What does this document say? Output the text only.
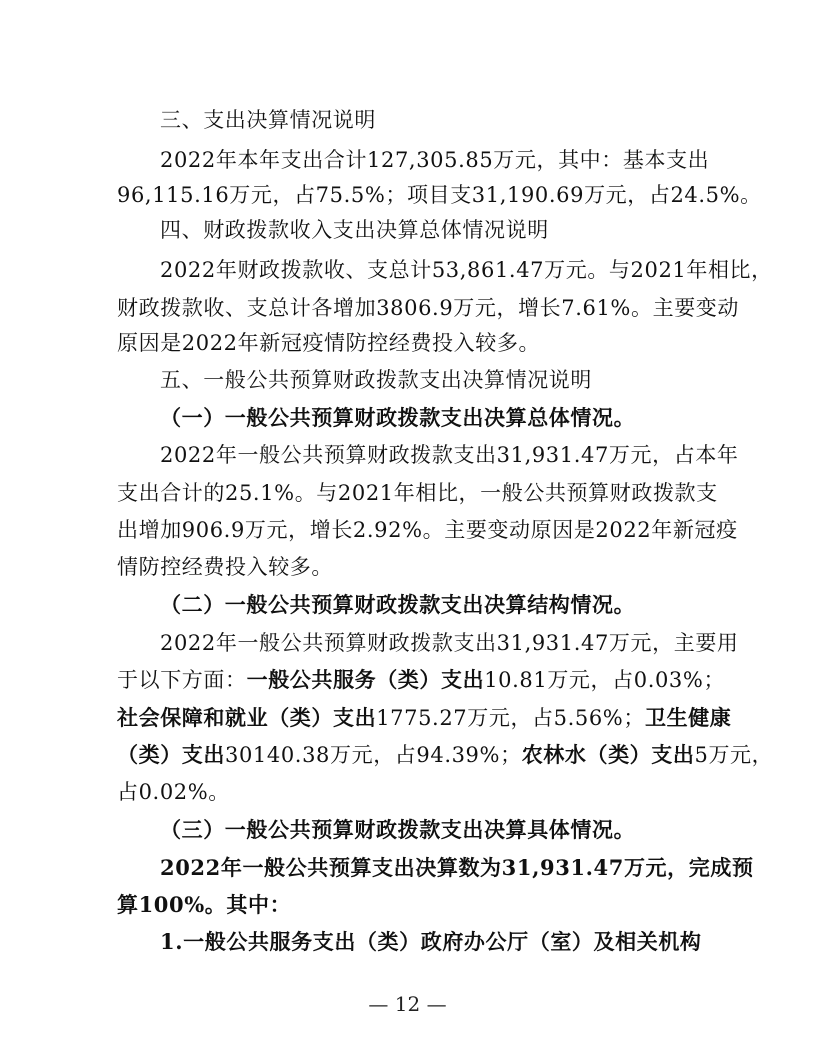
三、支出决算情况说明
2022年本年支出合计127,305.85万元，其中：基本支出
96,115.16万元，占75.5%；项目支31,190.69万元，占24.5%。
四、财政拨款收入支出决算总体情况说明
2022年财政拨款收、支总计53,861.47万元。与2021年相比，
财政拨款收、支总计各增加3806.9万元，增长7.61%。主要变动
原因是2022年新冠疫情防控经费投入较多。
五、一般公共预算财政拨款支出决算情况说明
（一）一般公共预算财政拨款支出决算总体情况。
2022年一般公共预算财政拨款支出31,931.47万元，占本年
支出合计的25.1%。与2021年相比，一般公共预算财政拨款支
出增加906.9万元，增长2.92%。主要变动原因是2022年新冠疫
情防控经费投入较多。
（二）一般公共预算财政拨款支出决算结构情况。
2022年一般公共预算财政拨款支出31,931.47万元，主要用
于以下方面：一般公共服务（类）支出10.81万元，占0.03%；
社会保障和就业（类）支出1775.27万元，占5.56%；卫生健康
（类）支出30140.38万元，占94.39%；农林水（类）支出5万元，
占0.02%。
（三）一般公共预算财政拨款支出决算具体情况。
2022年一般公共预算支出决算数为31,931.47万元，完成预
算100%。其中：
1.一般公共服务支出（类）政府办公厅（室）及相关机构
— 12 —
